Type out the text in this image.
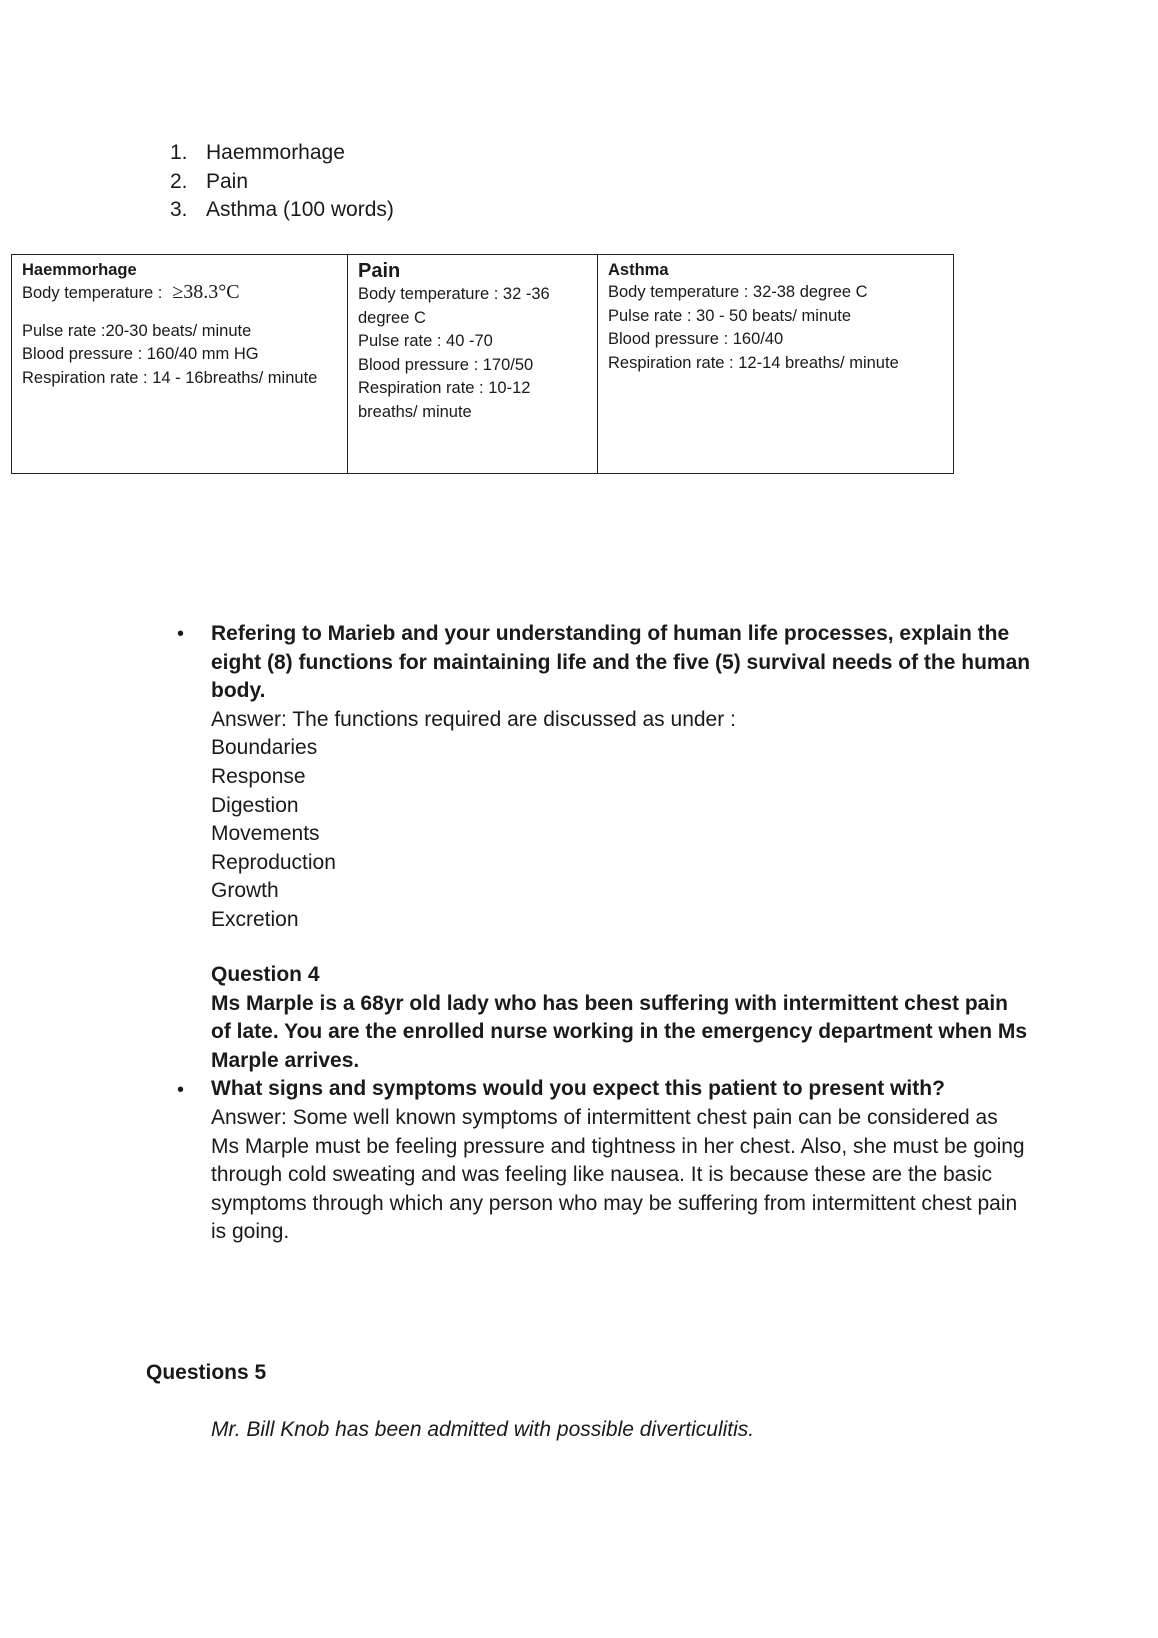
1. Haemmorhage
2. Pain
3. Asthma (100 words)
Haemmorhage
Body temperature : ≥38.3°C
Pulse rate :20-30 beats/ minute
Blood pressure : 160/40 mm HG
Respiration rate : 14 - 16breaths/ minute

Pain
Body temperature : 32 -36 degree C
Pulse rate : 40 -70
Blood pressure : 170/50
Respiration rate : 10-12 breaths/ minute

Asthma
Body temperature : 32-38 degree C
Pulse rate : 30 - 50 beats/ minute
Blood pressure : 160/40
Respiration rate : 12-14 breaths/ minute
• Refering to Marieb and your understanding of human life processes, explain the eight (8) functions for maintaining life and the five (5) survival needs of the human body.
Answer: The functions required are discussed as under :
Boundaries
Response
Digestion
Movements
Reproduction
Growth
Excretion
Question 4
Ms Marple is a 68yr old lady who has been suffering with intermittent chest pain of late. You are the enrolled nurse working in the emergency department when Ms Marple arrives.
What signs and symptoms would you expect this patient to present with?
Answer: Some well known symptoms of intermittent chest pain can be considered as Ms Marple must be feeling pressure and tightness in her chest. Also, she must be going through cold sweating and was feeling like nausea. It is because these are the basic symptoms through which any person who may be suffering from intermittent chest pain is going.
•
Questions 5
Mr. Bill Knob has been admitted with possible diverticulitis.
